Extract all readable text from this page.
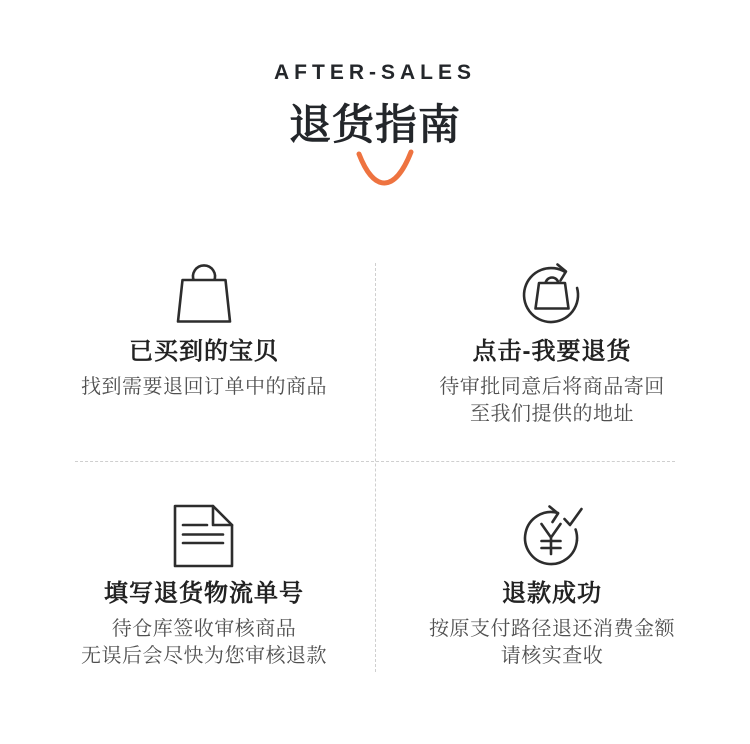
AFTER-SALES
退货指南
已买到的宝贝

找到需要退回订单中的商品

点击-我要退货

待审批同意后将商品寄回
至我们提供的地址

填写退货物流单号

待仓库签收审核商品
无误后会尽快为您审核退款

退款成功

按原支付路径退还消费金额
请核实查收
